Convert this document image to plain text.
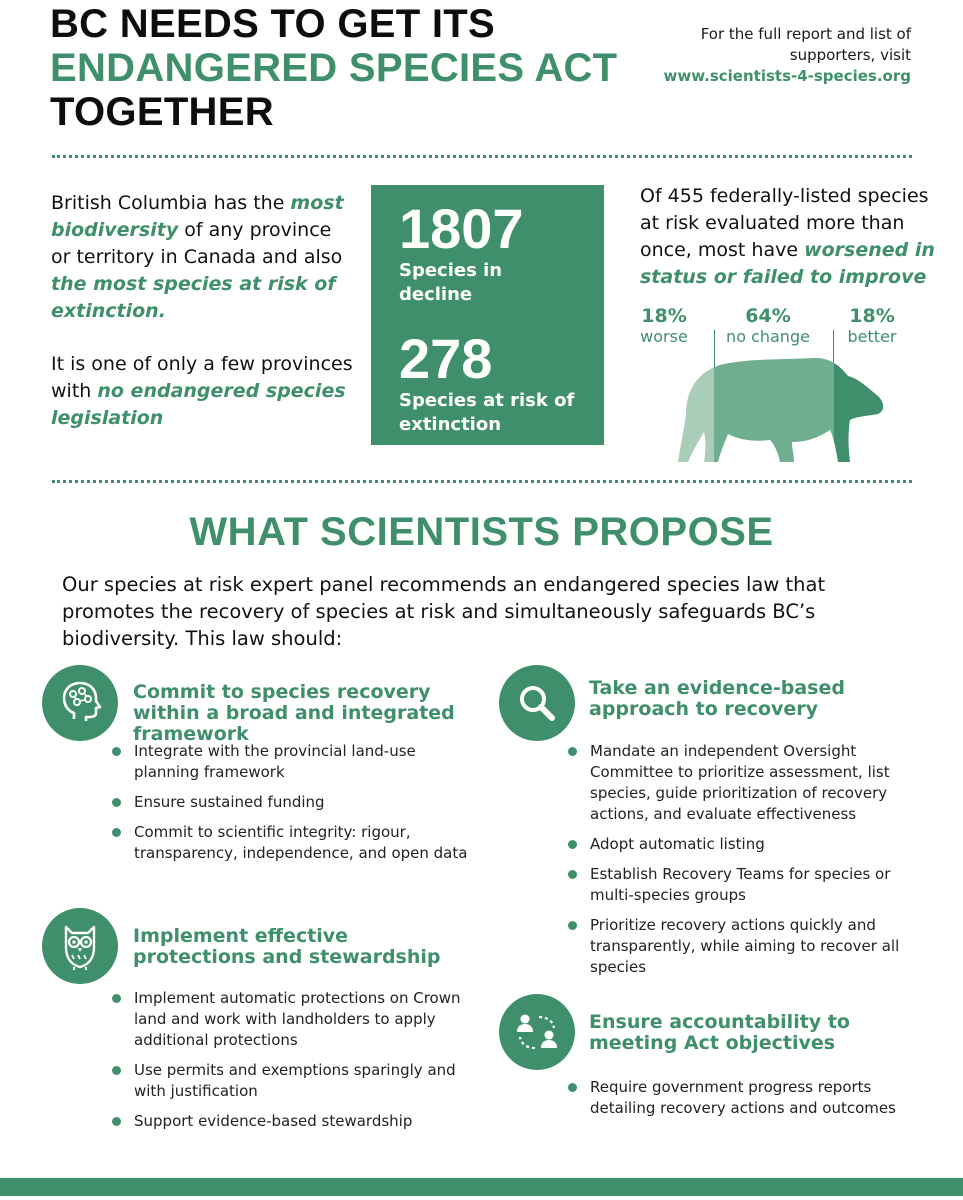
BC NEEDS TO GET ITS
ENDANGERED SPECIES ACT
TOGETHER
For the full report and list of supporters, visit
www.scientists-4-species.org

British Columbia has the most biodiversity of any province or territory in Canada and also the most species at risk of extinction.

It is one of only a few provinces with no endangered species legislation

1807
Species in decline
278
Species at risk of extinction
Of 455 federally-listed species at risk evaluated more than once, most have worsened in status or failed to improve
18%
worse
64%
no change
18%
better
WHAT SCIENTISTS PROPOSE
Our species at risk expert panel recommends an endangered species law that promotes the recovery of species at risk and simultaneously safeguards BC’s biodiversity. This law should:
Commit to species recovery within a broad and integrated framework
Integrate with the provincial land-use planning framework
Ensure sustained funding
Commit to scientific integrity: rigour, transparency, independence, and open data
Implement effective protections and stewardship
Implement automatic protections on Crown land and work with landholders to apply additional protections
Use permits and exemptions sparingly and with justification
Support evidence-based stewardship
Take an evidence-based approach to recovery
Mandate an independent Oversight Committee to prioritize assessment, list species, guide prioritization of recovery actions, and evaluate effectiveness
Adopt automatic listing
Establish Recovery Teams for species or multi-species groups
Prioritize recovery actions quickly and transparently, while aiming to recover all species
Ensure accountability to meeting Act objectives
Require government progress reports detailing recovery actions and outcomes
